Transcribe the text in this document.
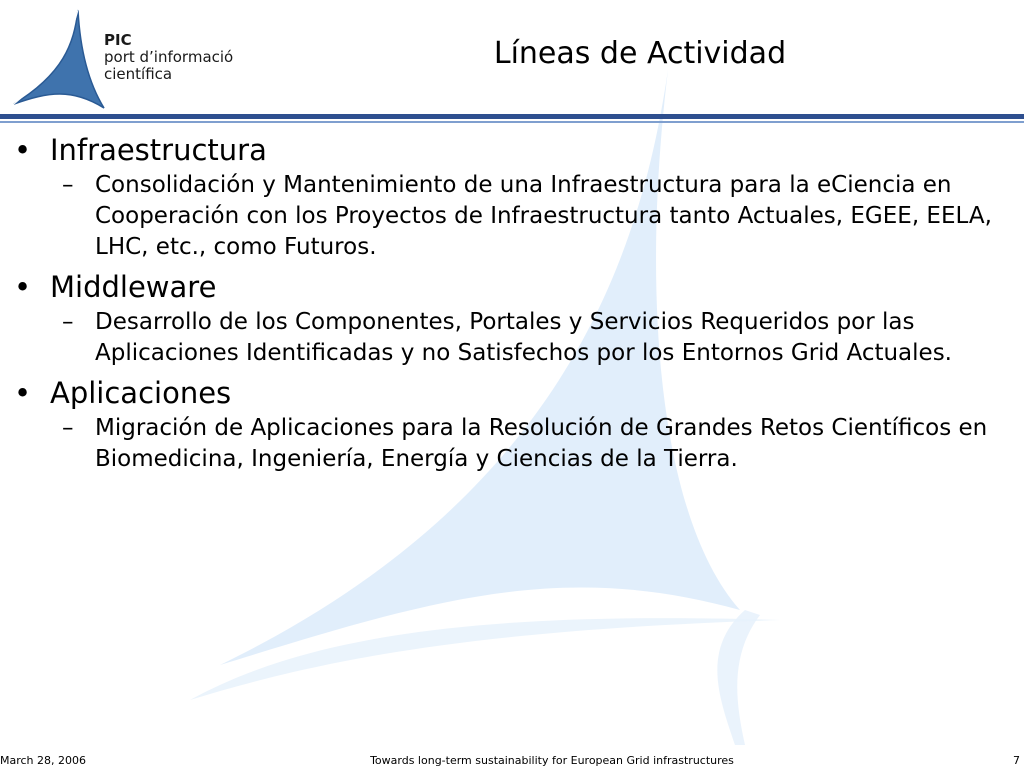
PIC
port d’informació
científica
Líneas de Actividad
• Infraestructura
– Consolidación y Mantenimiento de una Infraestructura para la eCiencia en Cooperación con los Proyectos de Infraestructura tanto Actuales, EGEE, EELA, LHC, etc., como Futuros.
• Middleware
– Desarrollo de los Componentes, Portales y Servicios Requeridos por las Aplicaciones Identificadas y no Satisfechos por los Entornos Grid Actuales.
• Aplicaciones
– Migración de Aplicaciones para la Resolución de Grandes Retos Científicos en Biomedicina, Ingeniería, Energía y Ciencias de la Tierra.
March 28, 2006	Towards long-term sustainability for European Grid infrastructures	7
